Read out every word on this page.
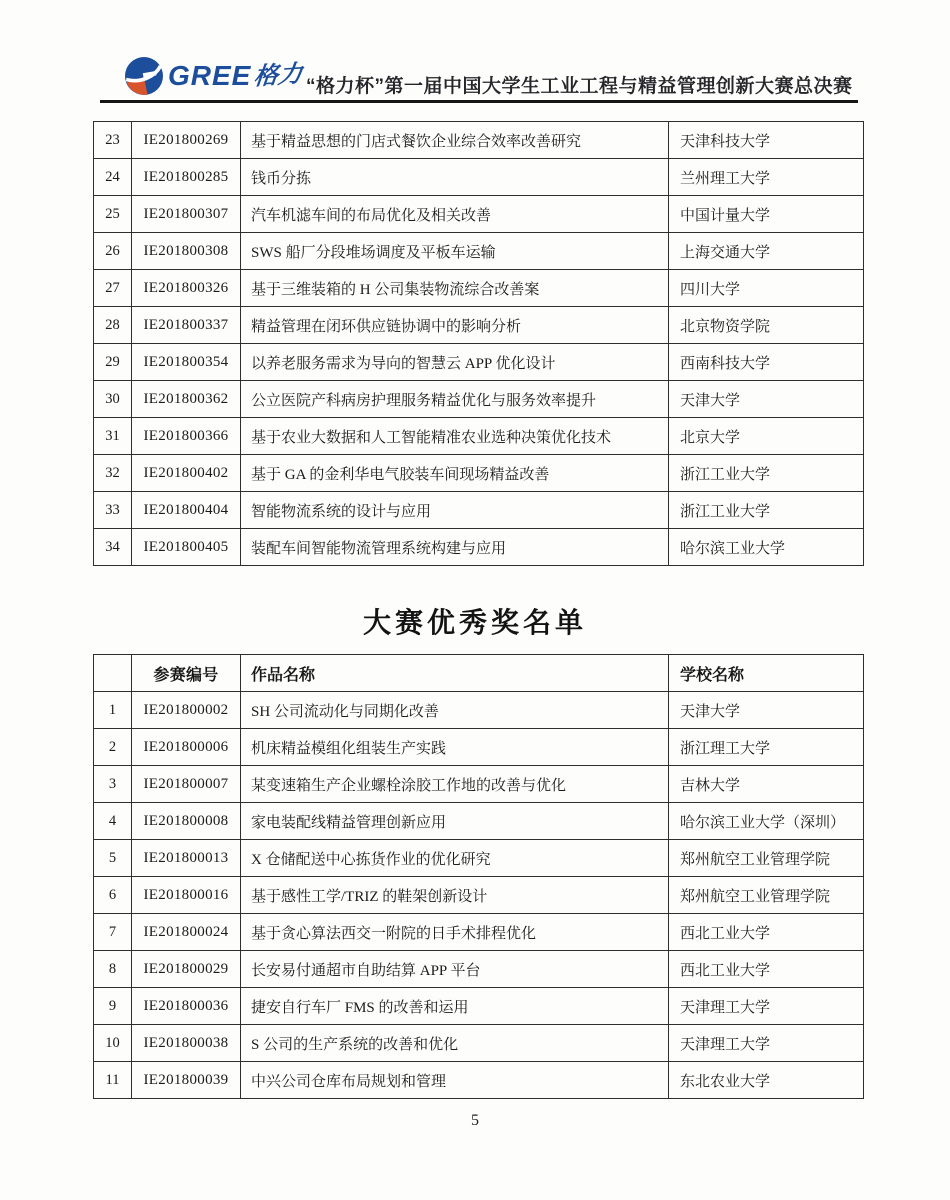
GREE 格力 “格力杯”第一届中国大学生工业工程与精益管理创新大赛总决赛
23	IE201800269	基于精益思想的门店式餐饮企业综合效率改善研究	天津科技大学
24	IE201800285	钱币分拣	兰州理工大学
25	IE201800307	汽车机滤车间的布局优化及相关改善	中国计量大学
26	IE201800308	SWS 船厂分段堆场调度及平板车运输	上海交通大学
27	IE201800326	基于三维装箱的 H 公司集装物流综合改善案	四川大学
28	IE201800337	精益管理在闭环供应链协调中的影响分析	北京物资学院
29	IE201800354	以养老服务需求为导向的智慧云 APP 优化设计	西南科技大学
30	IE201800362	公立医院产科病房护理服务精益优化与服务效率提升	天津大学
31	IE201800366	基于农业大数据和人工智能精准农业选种决策优化技术	北京大学
32	IE201800402	基于 GA 的金利华电气胶装车间现场精益改善	浙江工业大学
33	IE201800404	智能物流系统的设计与应用	浙江工业大学
34	IE201800405	装配车间智能物流管理系统构建与应用	哈尔滨工业大学
大赛优秀奖名单
	参赛编号	作品名称	学校名称
1	IE201800002	SH 公司流动化与同期化改善	天津大学
2	IE201800006	机床精益模组化组装生产实践	浙江理工大学
3	IE201800007	某变速箱生产企业螺栓涂胶工作地的改善与优化	吉林大学
4	IE201800008	家电装配线精益管理创新应用	哈尔滨工业大学（深圳）
5	IE201800013	X 仓储配送中心拣货作业的优化研究	郑州航空工业管理学院
6	IE201800016	基于感性工学/TRIZ 的鞋架创新设计	郑州航空工业管理学院
7	IE201800024	基于贪心算法西交一附院的日手术排程优化	西北工业大学
8	IE201800029	长安易付通超市自助结算 APP 平台	西北工业大学
9	IE201800036	捷安自行车厂 FMS 的改善和运用	天津理工大学
10	IE201800038	S 公司的生产系统的改善和优化	天津理工大学
11	IE201800039	中兴公司仓库布局规划和管理	东北农业大学
5
